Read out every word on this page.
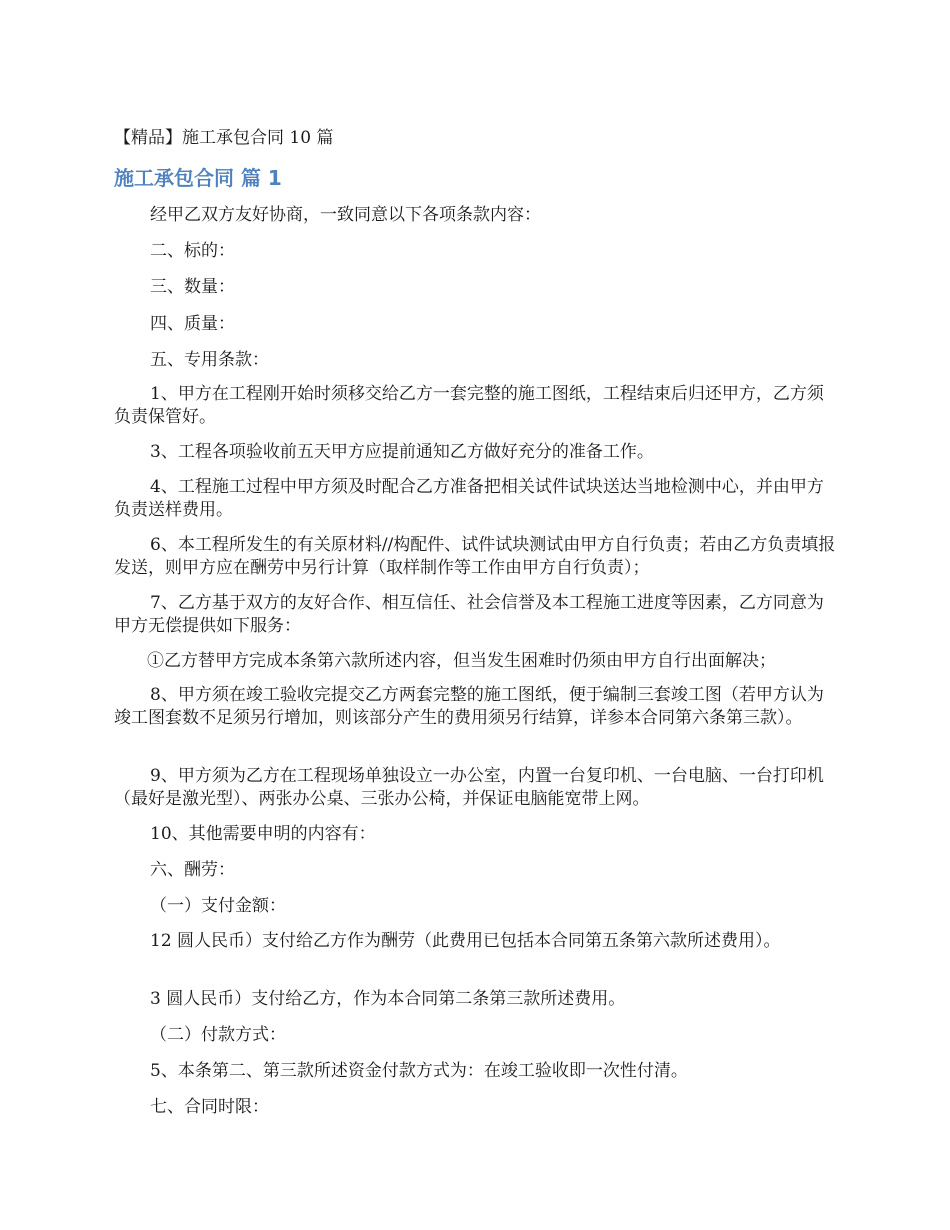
【精品】施工承包合同 10 篇
施工承包合同 篇 1
经甲乙双方友好协商，一致同意以下各项条款内容：
二、标的：
三、数量：
四、质量：
五、专用条款：
1、甲方在工程刚开始时须移交给乙方一套完整的施工图纸，工程结束后归还甲方，乙方须负责保管好。
3、工程各项验收前五天甲方应提前通知乙方做好充分的准备工作。
4、工程施工过程中甲方须及时配合乙方准备把相关试件试块送达当地检测中心，并由甲方负责送样费用。
6、本工程所发生的有关原材料//构配件、试件试块测试由甲方自行负责；若由乙方负责填报发送，则甲方应在酬劳中另行计算（取样制作等工作由甲方自行负责）；
7、乙方基于双方的友好合作、相互信任、社会信誉及本工程施工进度等因素，乙方同意为甲方无偿提供如下服务：
①乙方替甲方完成本条第六款所述内容，但当发生困难时仍须由甲方自行出面解决；
8、甲方须在竣工验收完提交乙方两套完整的施工图纸，便于编制三套竣工图（若甲方认为竣工图套数不足须另行增加，则该部分产生的费用须另行结算，详参本合同第六条第三款）。
9、甲方须为乙方在工程现场单独设立一办公室，内置一台复印机、一台电脑、一台打印机（最好是激光型）、两张办公桌、三张办公椅，并保证电脑能宽带上网。
10、其他需要申明的内容有：
六、酬劳：
（一）支付金额：
12 圆人民币）支付给乙方作为酬劳（此费用已包括本合同第五条第六款所述费用）。
3 圆人民币）支付给乙方，作为本合同第二条第三款所述费用。
（二）付款方式：
5、本条第二、第三款所述资金付款方式为：在竣工验收即一次性付清。
七、合同时限：
